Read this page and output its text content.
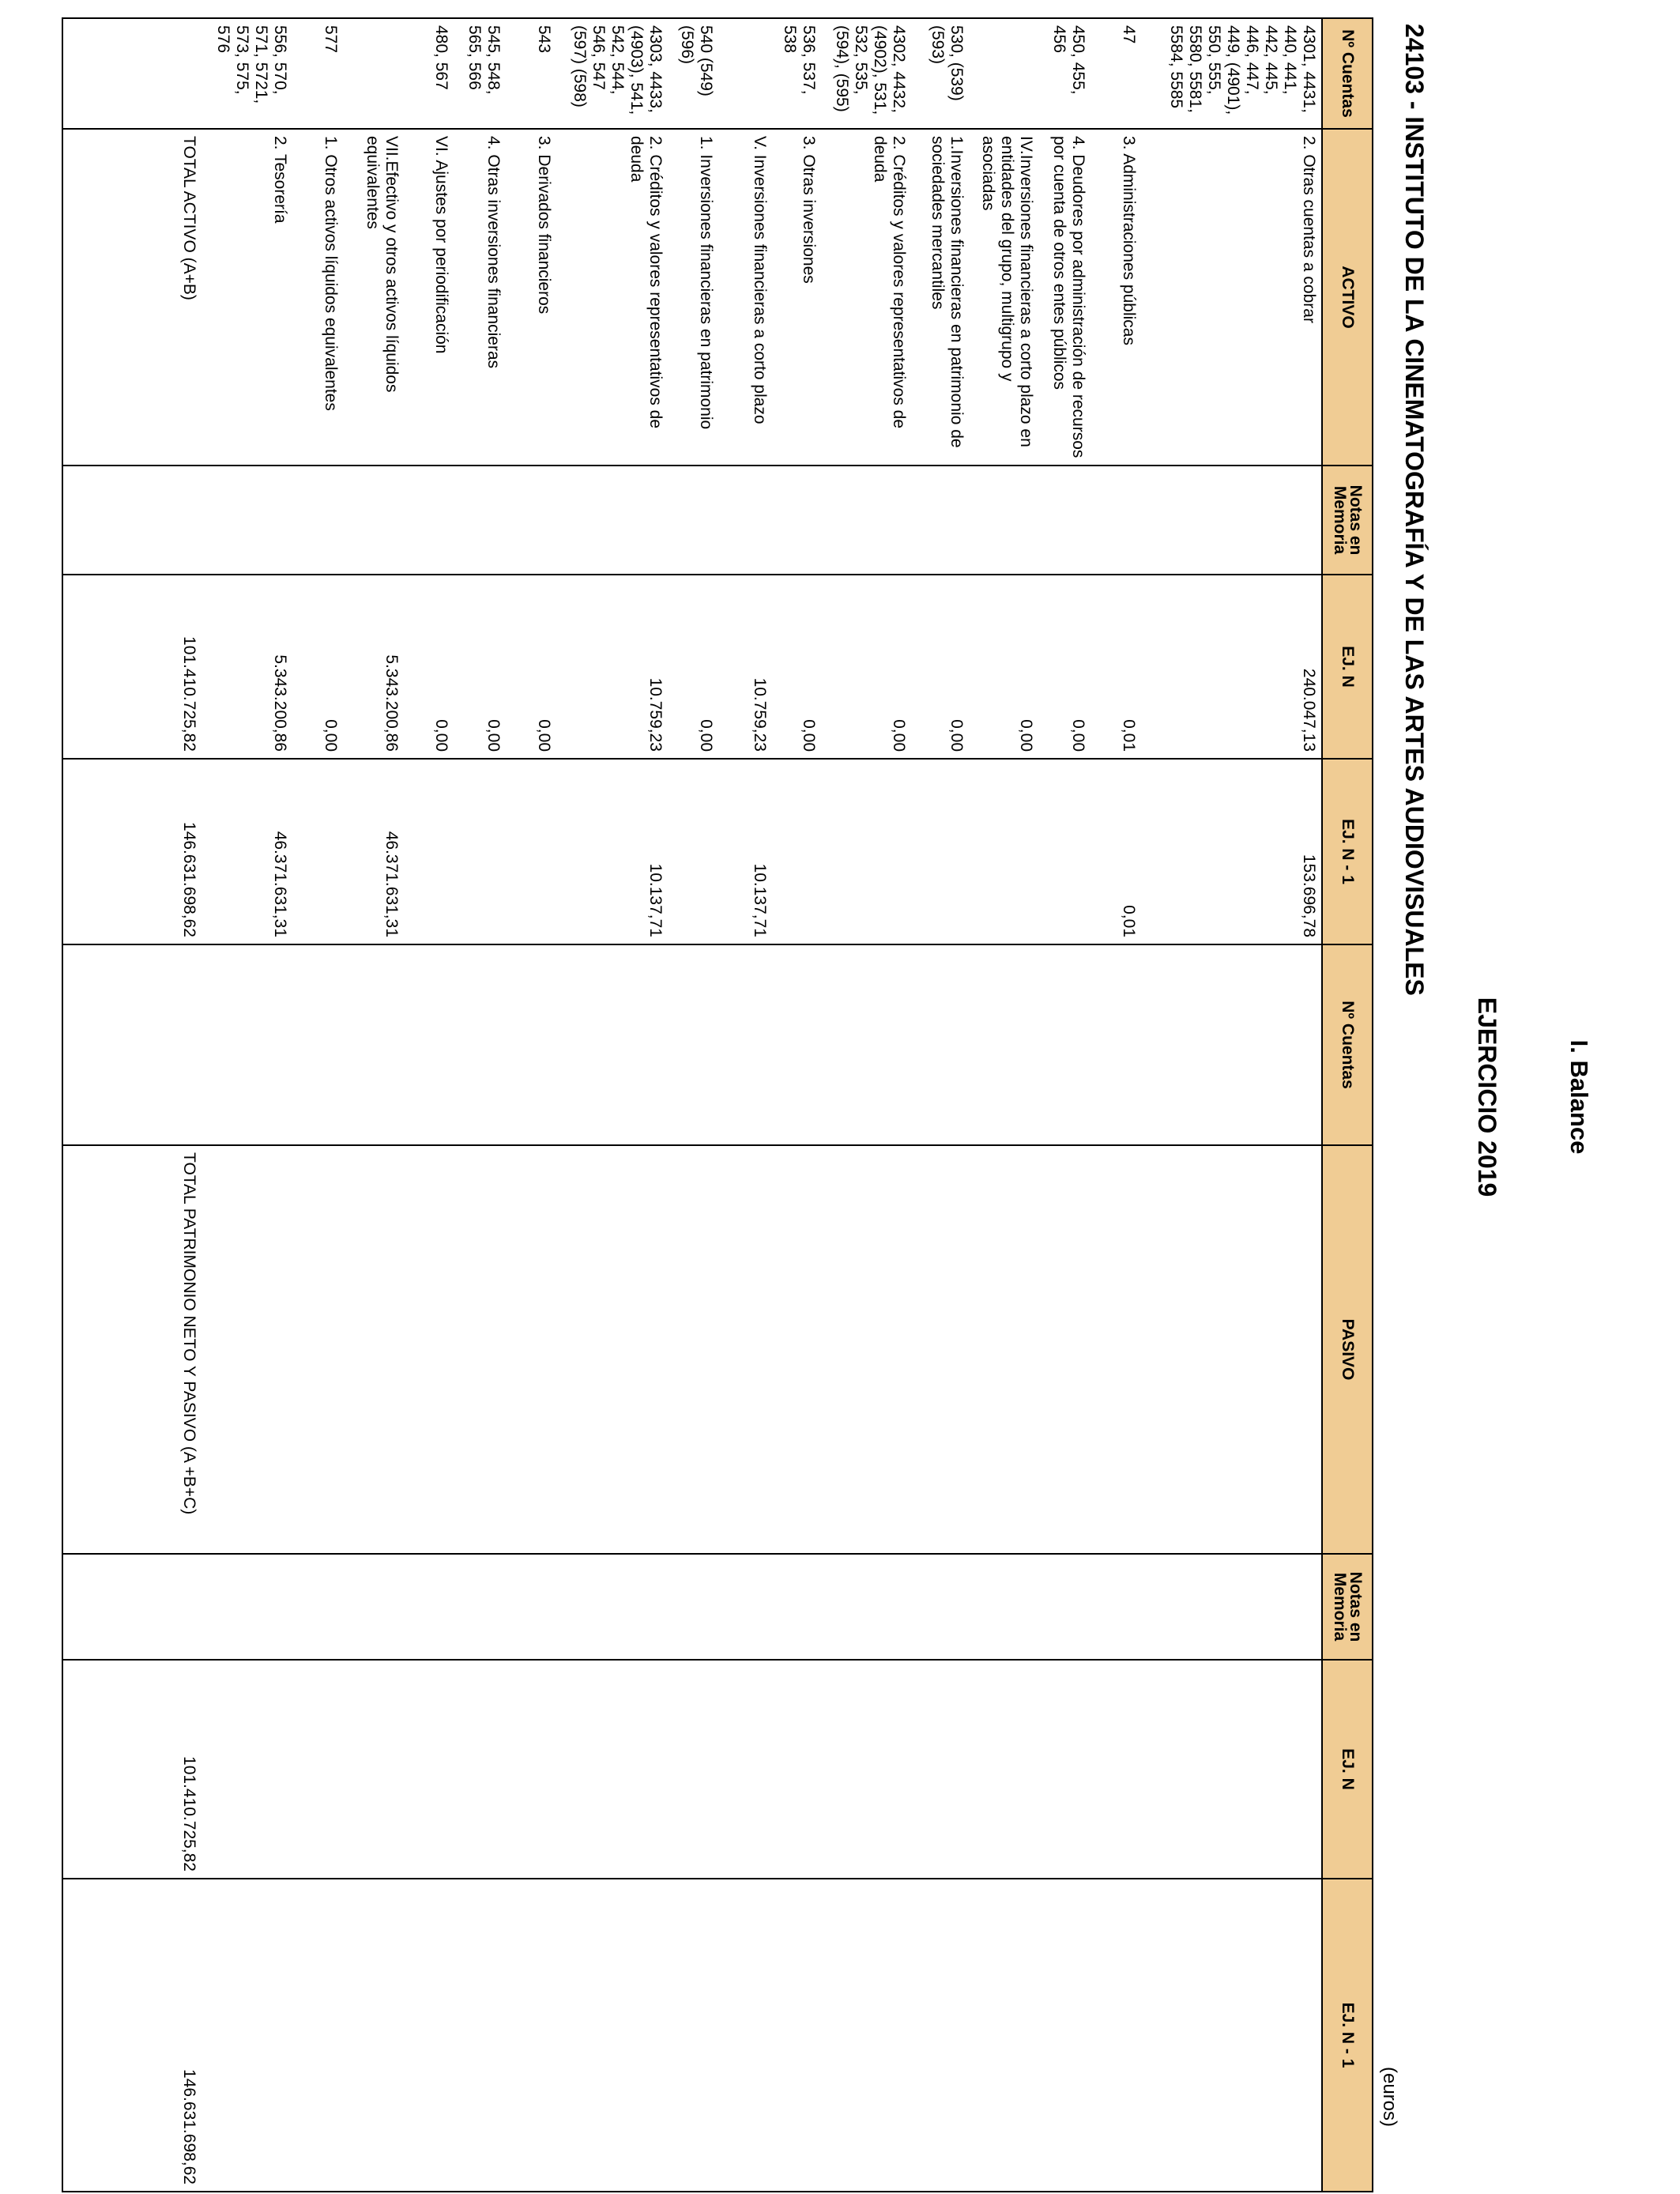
I. Balance
EJERCICIO 2019
24103 - INSTITUTO DE LA CINEMATOGRAFÍA Y DE LAS ARTES AUDIOVISUALES
(euros)
Nº Cuentas	ACTIVO	Notas en Memoria	EJ. N	EJ. N - 1	Nº Cuentas	PASIVO	Notas en Memoria	EJ. N	EJ. N - 1
4301, 4431, 440, 441, 442, 445, 446, 447, 449, (4901), 550, 555, 5580, 5581, 5584, 5585	2. Otras cuentas a cobrar		240.047,13	153.696,78					
47	3. Administraciones públicas		0,01	0,01					
450, 455, 456	4. Deudores por administración de recursos por cuenta de otros entes públicos		0,00						
	IV.Inversiones financieras a corto plazo en entidades del grupo, multigrupo y asociadas		0,00						
530, (539) (593)	1.Inversiones financieras en patrimonio de sociedades mercantiles		0,00						
4302, 4432, (4902), 531, 532, 535, (594), (595)	2. Créditos y valores representativos de deuda		0,00						
536, 537, 538	3. Otras inversiones		0,00						
	V. Inversiones financieras a corto plazo		10.759,23	10.137,71					
540 (549) (596)	1. Inversiones financieras en patrimonio		0,00						
4303, 4433, (4903), 541, 542, 544, 546, 547 (597) (598)	2. Créditos y valores representativos de deuda		10.759,23	10.137,71					
543	3. Derivados financieros		0,00						
545, 548, 565, 566	4. Otras inversiones financieras		0,00						
480, 567	VI. Ajustes por periodificación		0,00						
	VII.Efectivo y otros activos líquidos equivalentes		5.343.200,86	46.371.631,31					
577	1. Otros activos líquidos equivalentes		0,00						
556, 570, 571, 5721, 573, 575, 576	2. Tesorería		5.343.200,86	46.371.631,31					
	TOTAL ACTIVO (A+B)		101.410.725,82	146.631.698,62		TOTAL PATRIMONIO NETO Y PASIVO (A +B+C)		101.410.725,82	146.631.698,62
